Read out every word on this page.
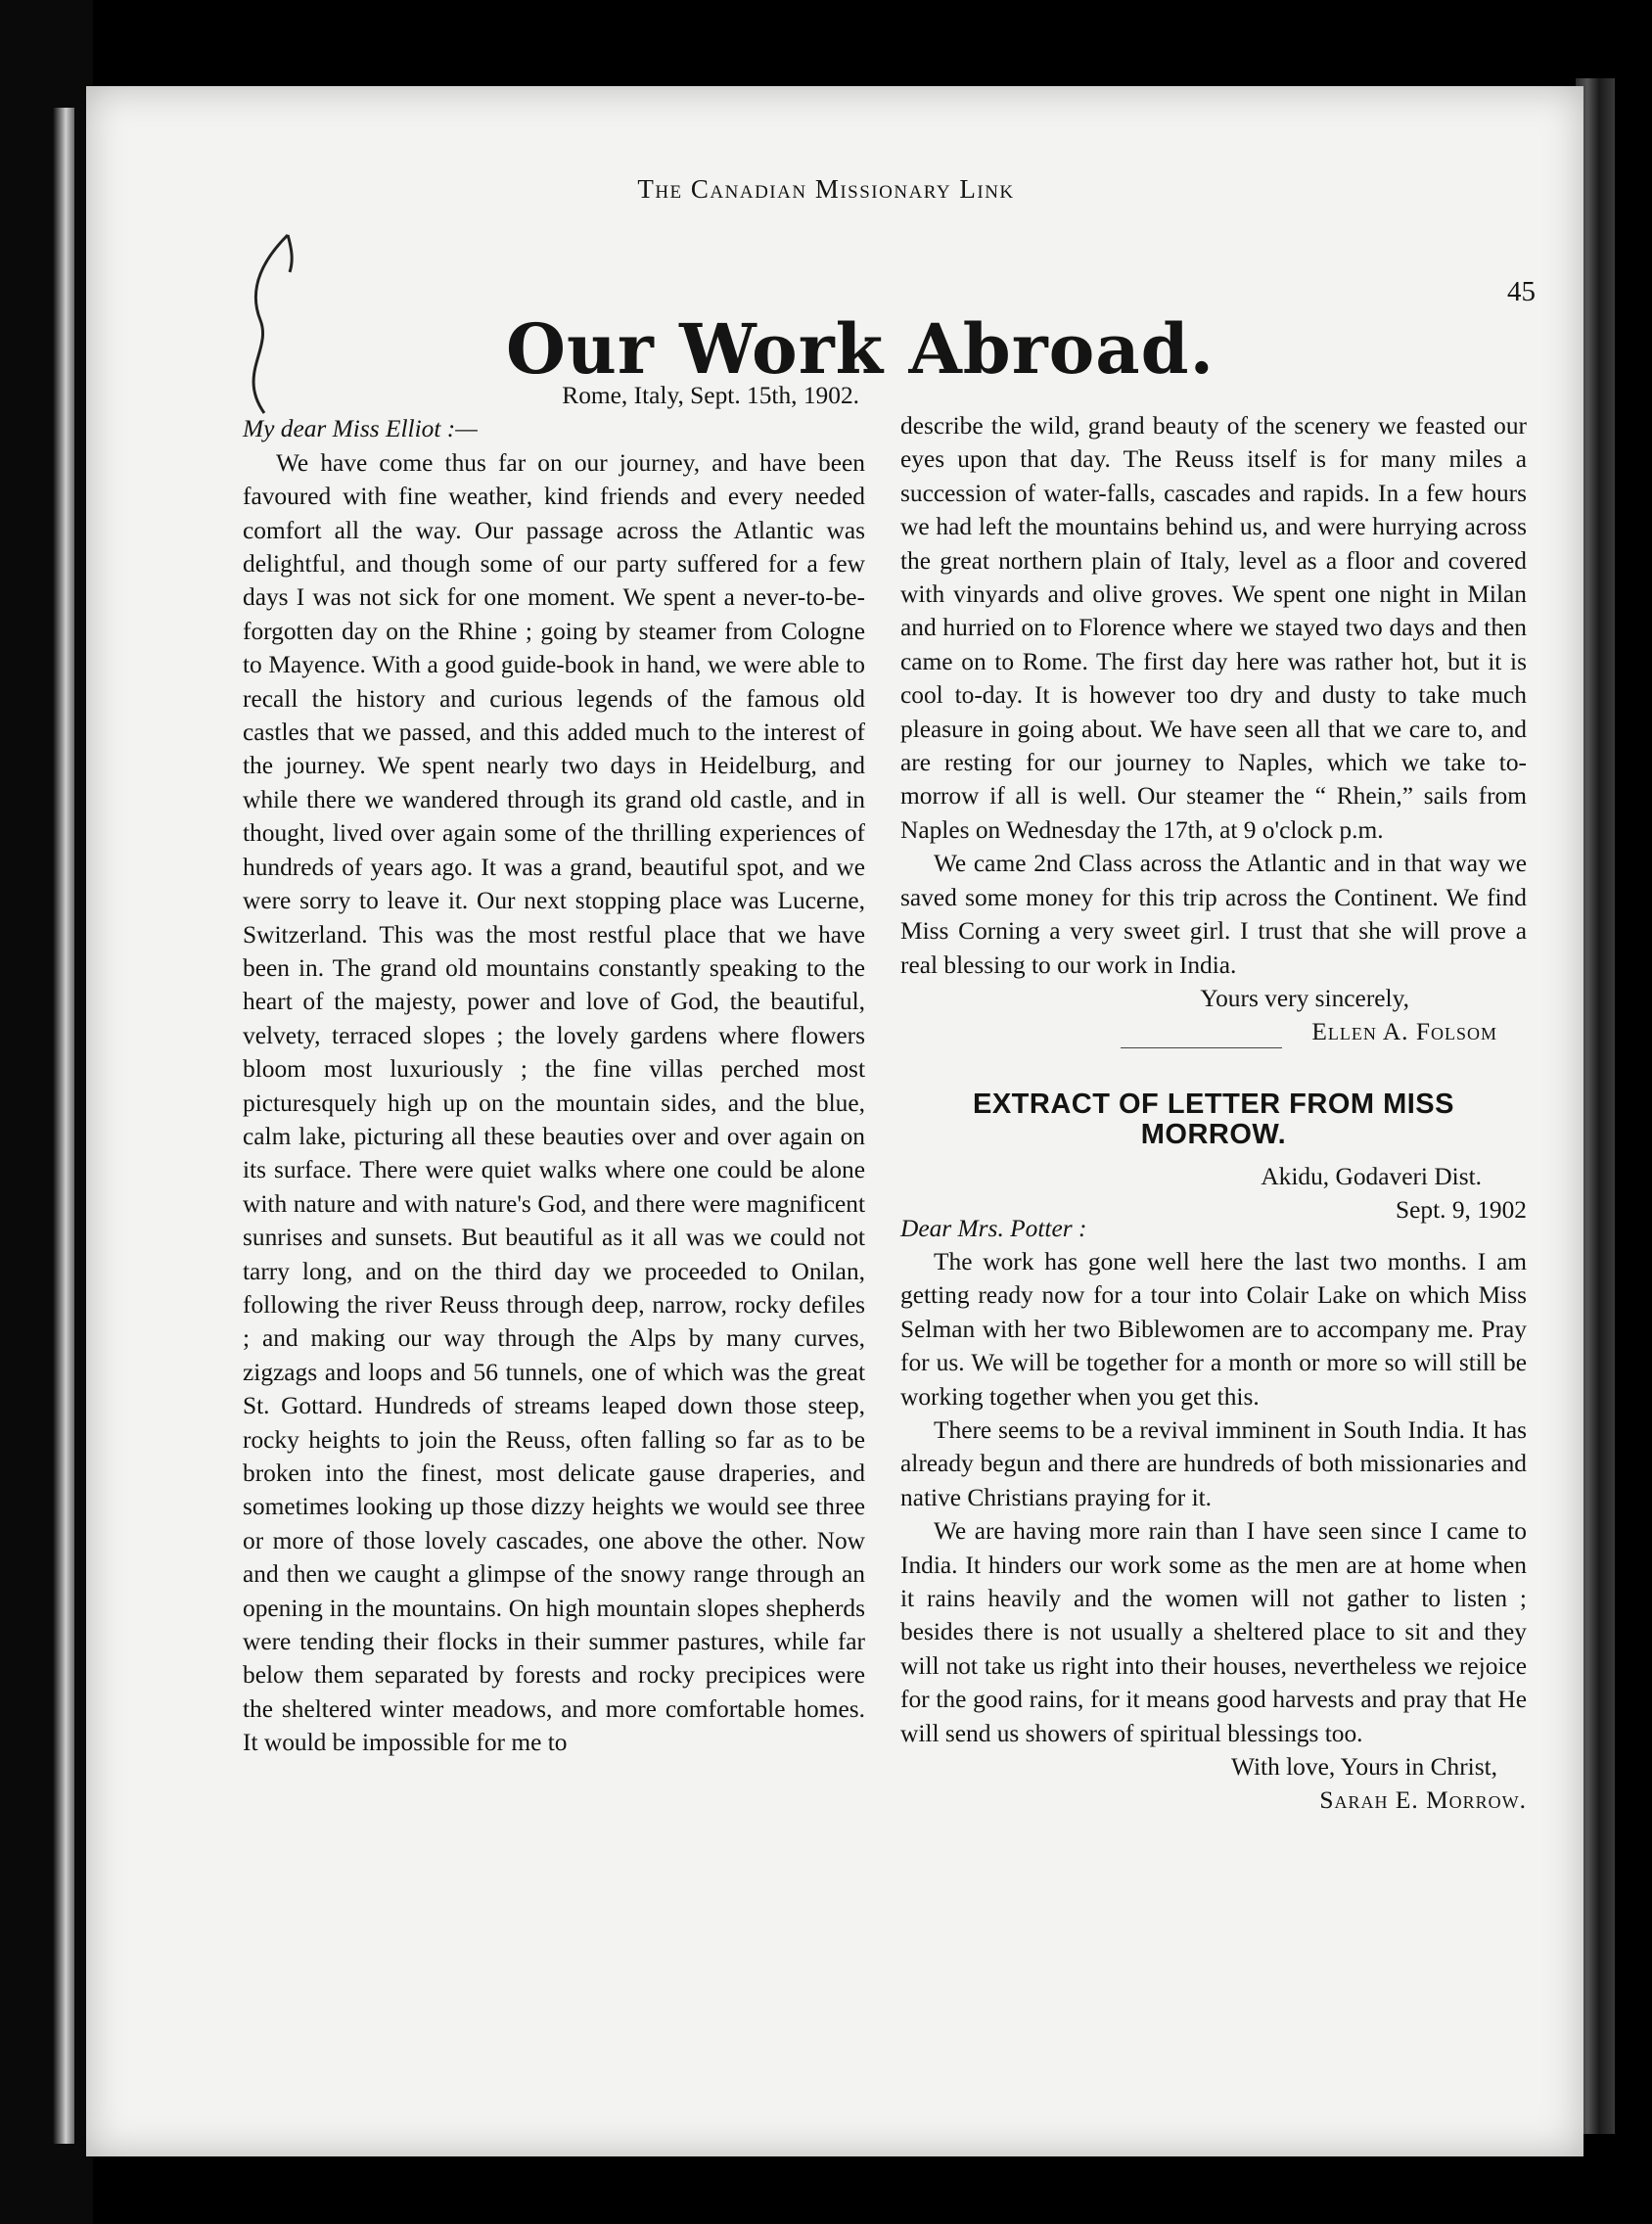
The Canadian Missionary Link
45
Our Work Abroad.

Rome, Italy, Sept. 15th, 1902.

My dear Miss Elliot :—

We have come thus far on our journey, and have been favoured with fine weather, kind friends and every needed comfort all the way. Our passage across the Atlantic was delightful, and though some of our party suffered for a few days I was not sick for one moment. We spent a never-to-be-forgotten day on the Rhine ; going by steamer from Cologne to Mayence. With a good guide-book in hand, we were able to recall the history and curious legends of the famous old castles that we passed, and this added much to the interest of the journey. We spent nearly two days in Heidelburg, and while there we wandered through its grand old castle, and in thought, lived over again some of the thrilling experiences of hundreds of years ago. It was a grand, beautiful spot, and we were sorry to leave it. Our next stopping place was Lucerne, Switzerland. This was the most restful place that we have been in. The grand old mountains constantly speaking to the heart of the majesty, power and love of God, the beautiful, velvety, terraced slopes ; the lovely gardens where flowers bloom most luxuriously ; the fine villas perched most picturesquely high up on the mountain sides, and the blue, calm lake, picturing all these beauties over and over again on its surface. There were quiet walks where one could be alone with nature and with nature's God, and there were magnificent sunrises and sunsets. But beautiful as it all was we could not tarry long, and on the third day we proceeded to Onilan, following the river Reuss through deep, narrow, rocky defiles ; and making our way through the Alps by many curves, zigzags and loops and 56 tunnels, one of which was the great St. Gottard. Hundreds of streams leaped down those steep, rocky heights to join the Reuss, often falling so far as to be broken into the finest, most delicate gause draperies, and sometimes looking up those dizzy heights we would see three or more of those lovely cascades, one above the other. Now and then we caught a glimpse of the snowy range through an opening in the mountains. On high mountain slopes shepherds were tending their flocks in their summer pastures, while far below them separated by forests and rocky precipices were the sheltered winter meadows, and more comfortable homes. It would be impossible for me to

describe the wild, grand beauty of the scenery we feasted our eyes upon that day. The Reuss itself is for many miles a succession of water-falls, cascades and rapids. In a few hours we had left the mountains behind us, and were hurrying across the great northern plain of Italy, level as a floor and covered with vinyards and olive groves. We spent one night in Milan and hurried on to Florence where we stayed two days and then came on to Rome. The first day here was rather hot, but it is cool to-day. It is however too dry and dusty to take much pleasure in going about. We have seen all that we care to, and are resting for our journey to Naples, which we take to-morrow if all is well. Our steamer the “ Rhein,” sails from Naples on Wednesday the 17th, at 9 o'clock p.m.

We came 2nd Class across the Atlantic and in that way we saved some money for this trip across the Continent. We find Miss Corning a very sweet girl. I trust that she will prove a real blessing to our work in India.

Yours very sincerely,

Ellen A. Folsom

EXTRACT OF LETTER FROM MISS MORROW.

Akidu, Godaveri Dist.

Sept. 9, 1902

Dear Mrs. Potter :

The work has gone well here the last two months. I am getting ready now for a tour into Colair Lake on which Miss Selman with her two Biblewomen are to accompany me. Pray for us. We will be together for a month or more so will still be working together when you get this.

There seems to be a revival imminent in South India. It has already begun and there are hundreds of both missionaries and native Christians praying for it.

We are having more rain than I have seen since I came to India. It hinders our work some as the men are at home when it rains heavily and the women will not gather to listen ; besides there is not usually a sheltered place to sit and they will not take us right into their houses, nevertheless we rejoice for the good rains, for it means good harvests and pray that He will send us showers of spiritual blessings too.

With love, Yours in Christ,

Sarah E. Morrow.
